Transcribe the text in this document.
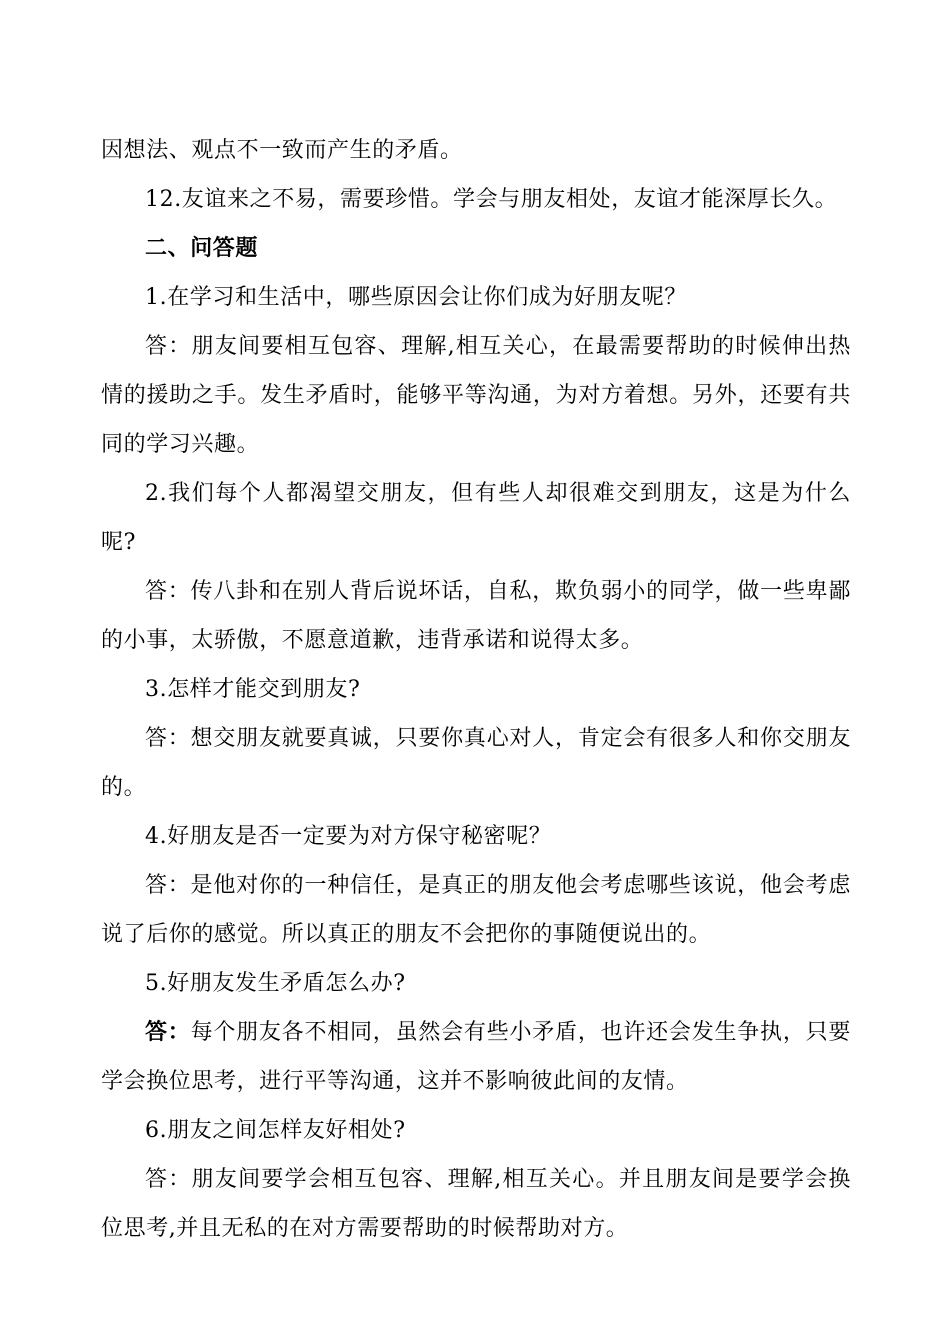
因想法、观点不一致而产生的矛盾。

12.友谊来之不易，需要珍惜。学会与朋友相处，友谊才能深厚长久。

二、问答题

1.在学习和生活中，哪些原因会让你们成为好朋友呢？

答：朋友间要相互包容、理解,相互关心，在最需要帮助的时候伸出热情的援助之手。发生矛盾时，能够平等沟通，为对方着想。另外，还要有共同的学习兴趣。

2.我们每个人都渴望交朋友，但有些人却很难交到朋友，这是为什么呢?

答：传八卦和在别人背后说坏话，自私，欺负弱小的同学，做一些卑鄙的小事，太骄傲，不愿意道歉，违背承诺和说得太多。

3.怎样才能交到朋友?

答：想交朋友就要真诚，只要你真心对人，肯定会有很多人和你交朋友的。

4.好朋友是否一定要为对方保守秘密呢？

答：是他对你的一种信任，是真正的朋友他会考虑哪些该说，他会考虑说了后你的感觉。所以真正的朋友不会把你的事随便说出的。

5.好朋友发生矛盾怎么办?

答：每个朋友各不相同，虽然会有些小矛盾，也许还会发生争执，只要学会换位思考，进行平等沟通，这并不影响彼此间的友情。

6.朋友之间怎样友好相处?

答：朋友间要学会相互包容、理解,相互关心。并且朋友间是要学会换位思考,并且无私的在对方需要帮助的时候帮助对方。
